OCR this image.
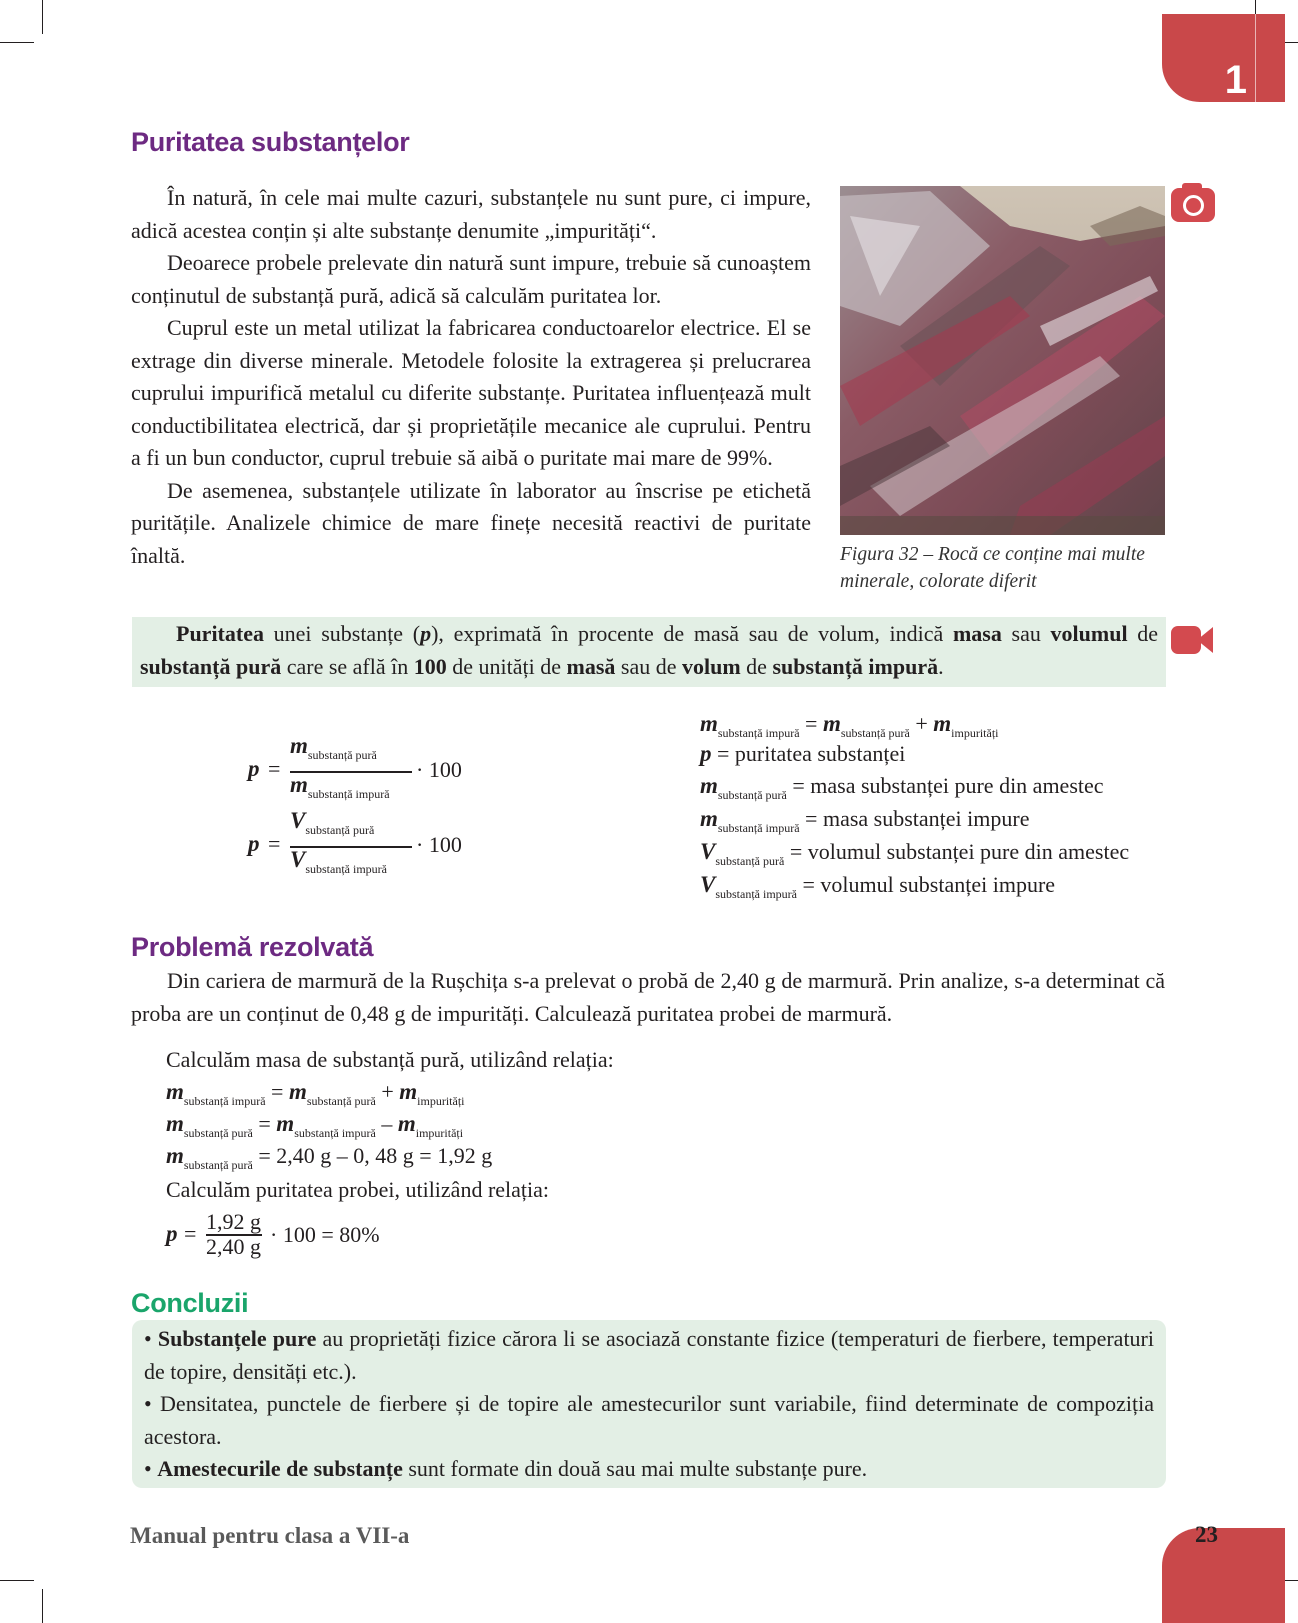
1
Puritatea substanțelor

În natură, în cele mai multe cazuri, substanțele nu sunt pure, ci impure, adică acestea conțin și alte substanțe denumite „impurități“.

Deoarece probele prelevate din natură sunt impure, trebuie să cunoaștem conținutul de substanță pură, adică să calculăm puritatea lor.

Cuprul este un metal utilizat la fabricarea conductoarelor electrice. El se extrage din diverse minerale. Metodele folosite la extragerea și prelucrarea cuprului impurifică metalul cu diferite substanțe. Puritatea influențează mult conductibilitatea electrică, dar și proprietățile mecanice ale cuprului. Pentru a fi un bun conductor, cuprul trebuie să aibă o puritate mai mare de 99%.

De asemenea, substanțele utilizate în laborator au înscrise pe etichetă puritățile. Analizele chimice de mare finețe necesită reactivi de puritate înaltă.	Figura 32 – Rocă ce conține mai multe minerale, colorate diferit
Puritatea unei substanțe (p), exprimată în procente de masă sau de volum, indică masa sau volumul de substanță pură care se află în 100 de unități de masă sau de volum de substanță impură.
p =
$m_{substanță pură}$
$m_{substanță impură}$
· 100
p =
$V_{substanță pură}$
$V_{substanță impură}$
· 100
$m_{substanță impură} = m_{substanță pură} + m_{impurități}$
p = puritatea substanței
$m_{substanță pură}$ = masa substanței pure din amestec
$m_{substanță impură}$ = masa substanței impure
$V_{substanță pură}$ = volumul substanței pure din amestec
$V_{substanță impură}$ = volumul substanței impure
Problemă rezolvată

Din cariera de marmură de la Rușchița s-a prelevat o probă de 2,40 g de marmură. Prin analize, s-a determinat că proba are un conținut de 0,48 g de impurități. Calculează puritatea probei de marmură.

Calculăm masa de substanță pură, utilizând relația:
$m_{substanță impură} = m_{substanță pură} + m_{impurități}$
$m_{substanță pură} = m_{substanță impură} - m_{impurități}$
$m_{substanță pură} = 2,40$ g – 0, 48 g = 1,92 g
Calculăm puritatea probei, utilizând relația:
p = 1,92 g
2,40 g · 100 = 80%
Concluzii

• Substanțele pure au proprietăți fizice cărora li se asociază constante fizice (temperaturi de fierbere, temperaturi de topire, densități etc.).

• Densitatea, punctele de fierbere și de topire ale amestecurilor sunt variabile, fiind determinate de compoziția acestora.

• Amestecurile de substanțe sunt formate din două sau mai multe substanțe pure.

Manual pentru clasa a VII-a	23
